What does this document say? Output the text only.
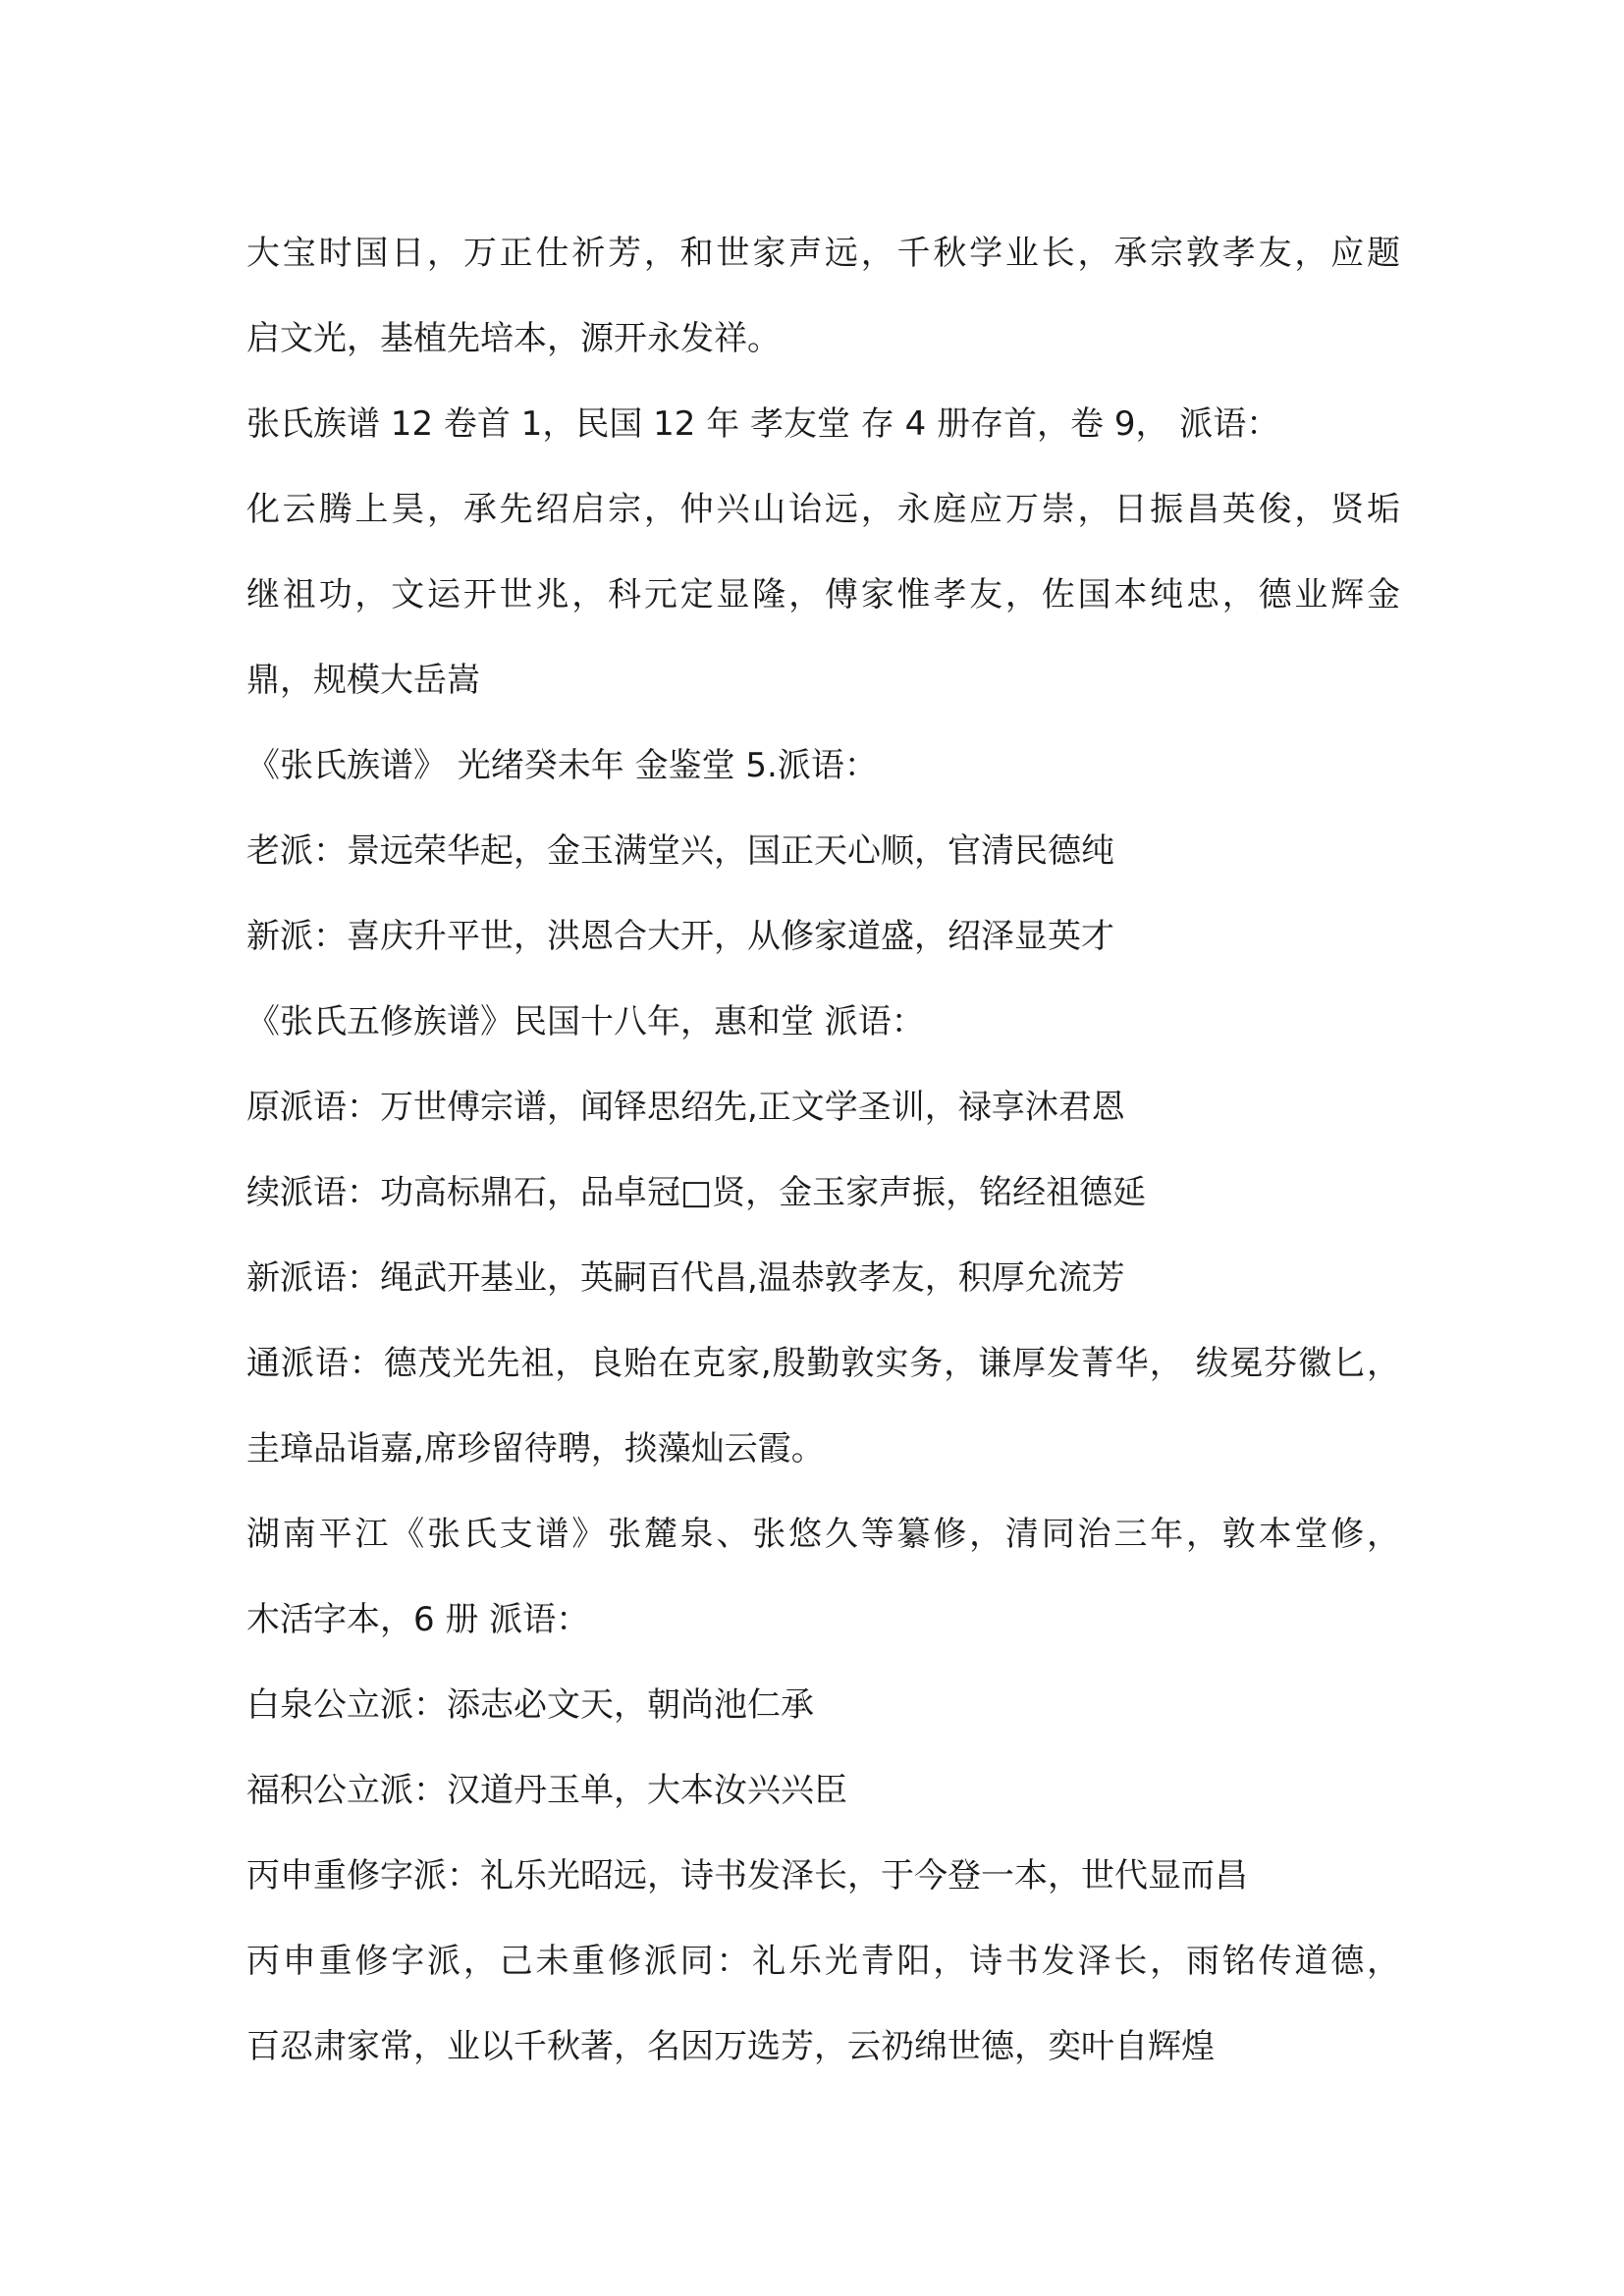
大宝时国日，万正仕祈芳，和世家声远，千秋学业长，承宗敦孝友，应题
启文光，基植先培本，源开永发祥。
张氏族谱 12 卷首 1，民国 12 年 孝友堂 存 4 册存首，卷 9， 派语：
化云腾上昊，承先绍启宗，仲兴山诒远，永庭应万崇，日振昌英俊，贤垢
继祖功，文运开世兆，科元定显隆，傅家惟孝友，佐国本纯忠，德业辉金
鼎，规模大岳嵩
《张氏族谱》 光绪癸未年 金鉴堂 5.派语：
老派：景远荣华起，金玉满堂兴，国正天心顺，官清民德纯
新派：喜庆升平世，洪恩合大开，从修家道盛，绍泽显英才
《张氏五修族谱》民国十八年，惠和堂 派语：
原派语：万世傅宗谱，闻铎思绍先,正文学圣训，禄享沐君恩
续派语：功高标鼎石，品卓冠□贤，金玉家声振，铭经祖德延
新派语：绳武开基业，英嗣百代昌,温恭敦孝友，积厚允流芳
通派语：德茂光先祖，良贻在克家,殷勤敦实务，谦厚发菁华， 绂冕芬徽匕，
圭璋品诣嘉,席珍留待聘，掞藻灿云霞。
湖南平江《张氏支谱》张麓泉、张悠久等纂修，清同治三年，敦本堂修，
木活字本，6 册 派语：
白泉公立派：添志必文天，朝尚池仁承
福积公立派：汉道丹玉单，大本汝兴兴臣
丙申重修字派：礼乐光昭远，诗书发泽长，于今登一本，世代显而昌
丙申重修字派，己未重修派同：礼乐光青阳，诗书发泽长，雨铭传道德，
百忍肃家常，业以千秋著，名因万选芳，云礽绵世德，奕叶自辉煌
